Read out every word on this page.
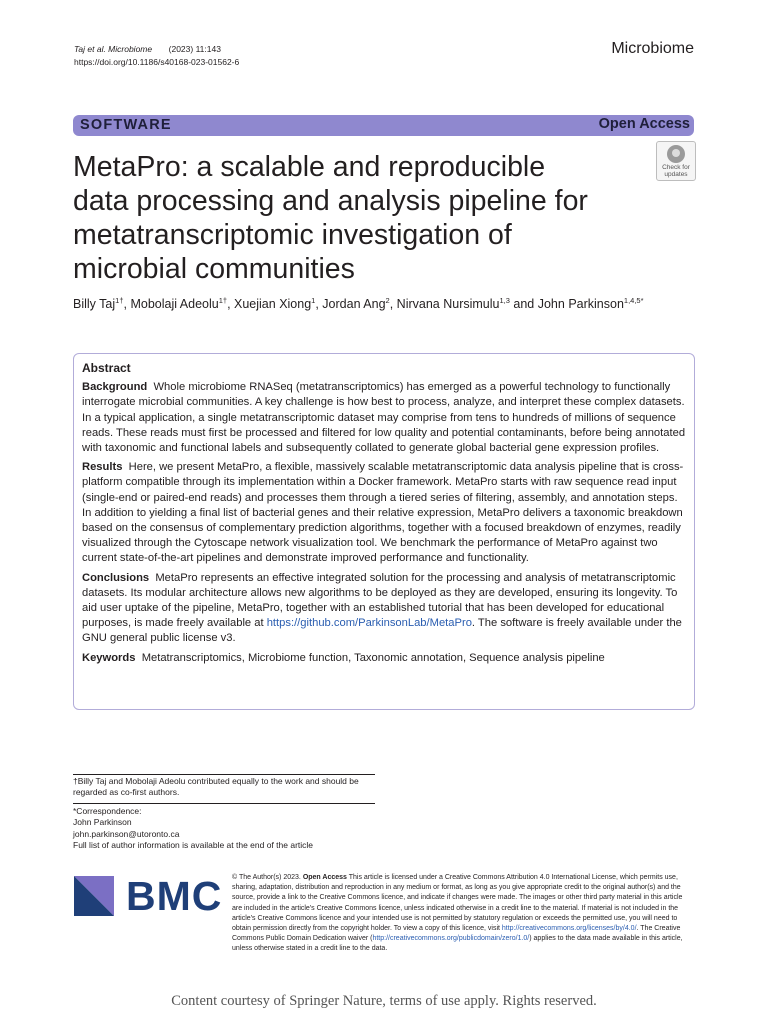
Taj et al. Microbiome (2023) 11:143
https://doi.org/10.1186/s40168-023-01562-6
Microbiome
SOFTWARE	Open Access
MetaPro: a scalable and reproducible data processing and analysis pipeline for metatranscriptomic investigation of microbial communities
Check for
updates
Billy Taj$^{1\dagger}$, Mobolaji Adeolu$^{1\dagger}$, Xuejian Xiong$^1$, Jordan Ang$^2$, Nirvana Nursimulu$^{1,3}$ and John Parkinson$^{1,4,5*}$
Abstract

Background Whole microbiome RNASeq (metatranscriptomics) has emerged as a powerful technology to functionally interrogate microbial communities. A key challenge is how best to process, analyze, and interpret these complex datasets. In a typical application, a single metatranscriptomic dataset may comprise from tens to hundreds of millions of sequence reads. These reads must first be processed and filtered for low quality and potential contaminants, before being annotated with taxonomic and functional labels and subsequently collated to generate global bacterial gene expression profiles.

Results Here, we present MetaPro, a flexible, massively scalable metatranscriptomic data analysis pipeline that is cross-platform compatible through its implementation within a Docker framework. MetaPro starts with raw sequence read input (single-end or paired-end reads) and processes them through a tiered series of filtering, assembly, and annotation steps. In addition to yielding a final list of bacterial genes and their relative expression, MetaPro delivers a taxonomic breakdown based on the consensus of complementary prediction algorithms, together with a focused breakdown of enzymes, readily visualized through the Cytoscape network visualization tool. We benchmark the performance of MetaPro against two current state-of-the-art pipelines and demonstrate improved performance and functionality.

Conclusions MetaPro represents an effective integrated solution for the processing and analysis of metatranscriptomic datasets. Its modular architecture allows new algorithms to be deployed as they are developed, ensuring its longevity. To aid user uptake of the pipeline, MetaPro, together with an established tutorial that has been developed for educational purposes, is made freely available at https://github.com/ParkinsonLab/MetaPro. The software is freely available under the GNU general public license v3.

Keywords Metatranscriptomics, Microbiome function, Taxonomic annotation, Sequence analysis pipeline

†Billy Taj and Mobolaji Adeolu contributed equally to the work and should be regarded as co-first authors.
*Correspondence:
John Parkinson
john.parkinson@utoronto.ca
Full list of author information is available at the end of the article
BMC © The Author(s) 2023. Open Access This article is licensed under a Creative Commons Attribution 4.0 International License, which permits use, sharing, adaptation, distribution and reproduction in any medium or format, as long as you give appropriate credit to the original author(s) and the source, provide a link to the Creative Commons licence, and indicate if changes were made. The images or other third party material in this article are included in the article's Creative Commons licence, unless indicated otherwise in a credit line to the material. If material is not included in the article's Creative Commons licence and your intended use is not permitted by statutory regulation or exceeds the permitted use, you will need to obtain permission directly from the copyright holder. To view a copy of this licence, visit http://creativecommons.org/licenses/by/4.0/. The Creative Commons Public Domain Dedication waiver (http://creativecommons.org/publicdomain/zero/1.0/) applies to the data made available in this article, unless otherwise stated in a credit line to the data.
Content courtesy of Springer Nature, terms of use apply. Rights reserved.
